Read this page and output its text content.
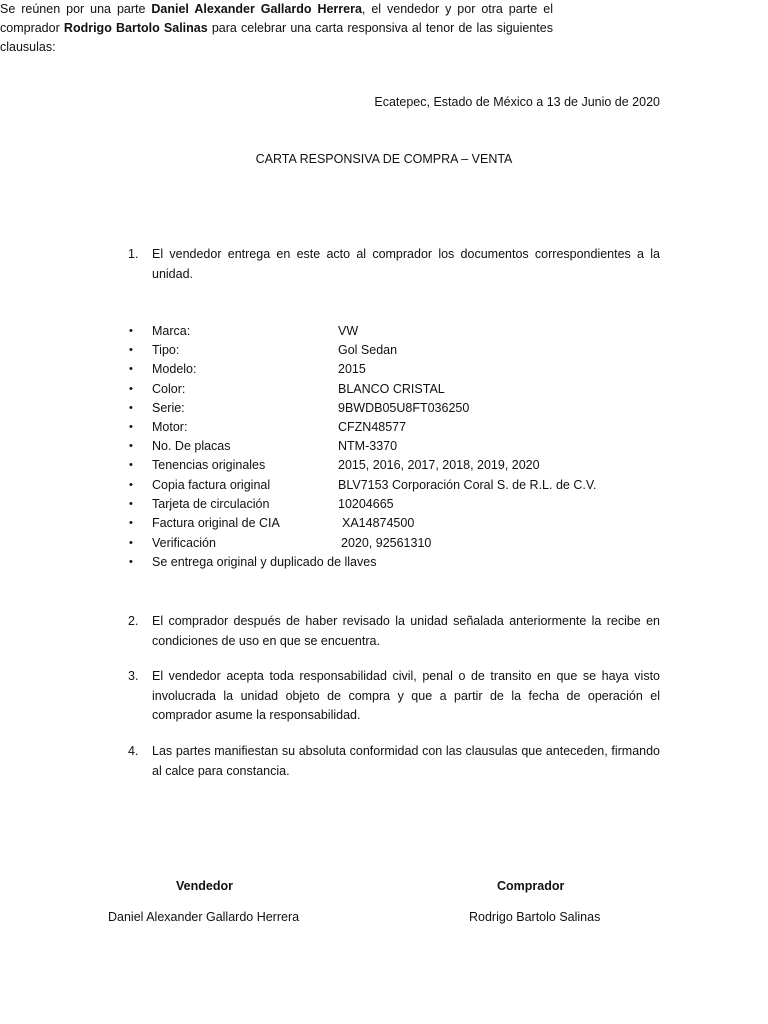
Ecatepec, Estado de México a 13 de Junio de 2020
CARTA RESPONSIVA DE COMPRA – VENTA
Se reúnen por una parte Daniel Alexander Gallardo Herrera, el vendedor y por otra parte el comprador Rodrigo Bartolo Salinas para celebrar una carta responsiva al tenor de las siguientes clausulas:
1. El vendedor entrega en este acto al comprador los documentos correspondientes a la unidad.
• Marca:	VW
• Tipo:	Gol Sedan
• Modelo:	2015
• Color:	BLANCO CRISTAL
• Serie:	9BWDB05U8FT036250
• Motor:	CFZN48577
• No. De placas	NTM-3370
• Tenencias originales	2015, 2016, 2017, 2018, 2019, 2020
• Copia factura original	BLV7153 Corporación Coral S. de R.L. de C.V.
• Tarjeta de circulación	10204665
• Factura original de CIA	XA14874500
• Verificación	2020, 92561310
• Se entrega original y duplicado de llaves
2. El comprador después de haber revisado la unidad señalada anteriormente la recibe en condiciones de uso en que se encuentra.
3. El vendedor acepta toda responsabilidad civil, penal o de transito en que se haya visto involucrada la unidad objeto de compra y que a partir de la fecha de operación el comprador asume la responsabilidad.
4. Las partes manifiestan su absoluta conformidad con las clausulas que anteceden, firmando al calce para constancia.
Vendedor
Daniel Alexander Gallardo Herrera
Comprador
Rodrigo Bartolo Salinas
